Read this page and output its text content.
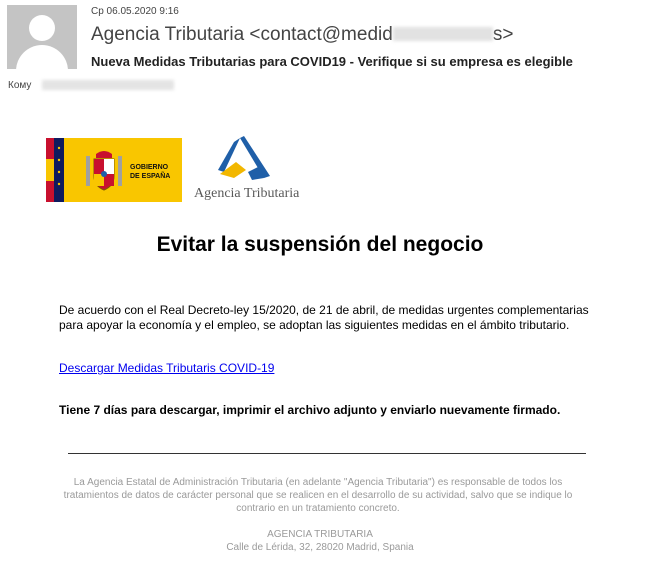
Ср 06.05.2020 9:16
Agencia Tributaria <contact@medid	s>
Nueva Medidas Tributarias para COVID19 - Verifique si su empresa es elegible
Кому
GOBIERNO
DE ESPAÑA
Agencia Tributaria
Evitar la suspensión del negocio
De acuerdo con el Real Decreto-ley 15/2020, de 21 de abril, de medidas urgentes complementarias para apoyar la economía y el empleo, se adoptan las siguientes medidas en el ámbito tributario.
Descargar Medidas Tributaris COVID-19
Tiene 7 días para descargar, imprimir el archivo adjunto y enviarlo nuevamente firmado.
La Agencia Estatal de Administración Tributaria (en adelante "Agencia Tributaria") es responsable de todos los tratamientos de datos de carácter personal que se realicen en el desarrollo de su actividad, salvo que se indique lo contrario en un tratamiento concreto.
AGENCIA TRIBUTARIA
Calle de Lérida, 32, 28020 Madrid, Spania
